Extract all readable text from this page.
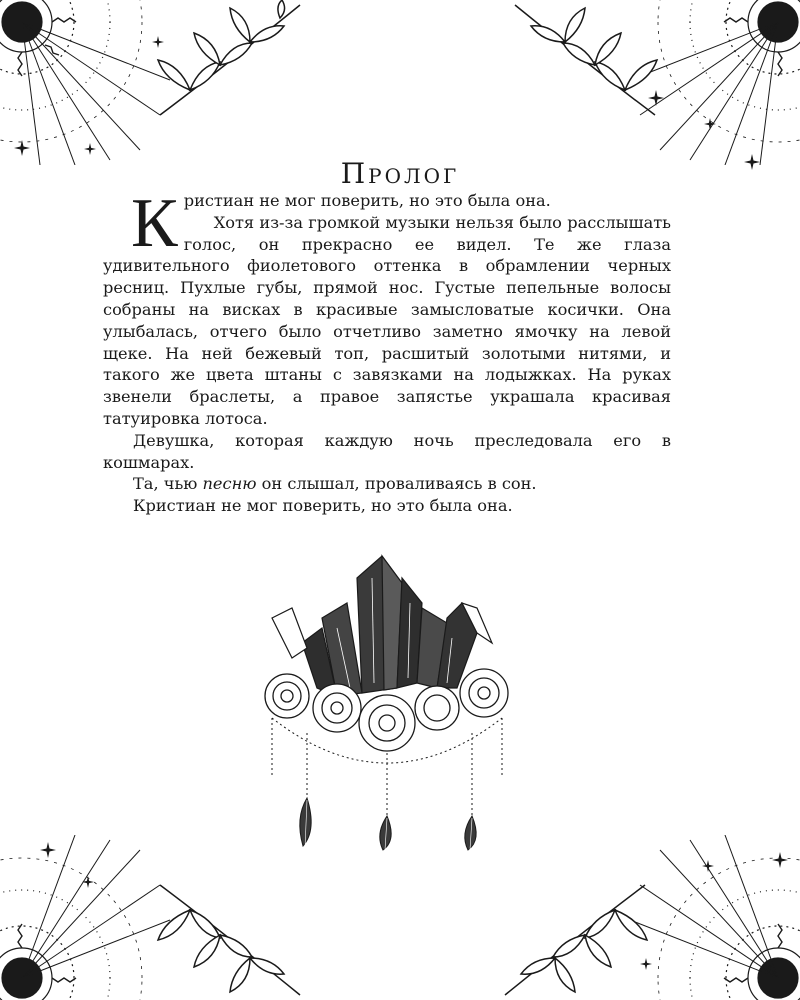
Пролог

Кристиан не мог поверить, но это была она.

Хотя из-за громкой музыки нельзя было расслышать голос, он прекрасно ее видел. Те же глаза удивительного фиолетового оттенка в обрамлении черных ресниц. Пухлые губы, прямой нос. Густые пепельные волосы собраны на висках в красивые замысловатые косички. Она улыбалась, отчего было отчетливо заметно ямочку на левой щеке. На ней бежевый топ, расшитый золотыми нитями, и такого же цвета штаны с завязками на лодыжках. На руках звенели браслеты, а правое запястье украшала красивая татуировка лотоса.

Девушка, которая каждую ночь преследовала его в кошмарах.

Та, чью песню он слышал, проваливаясь в сон.

Кристиан не мог поверить, но это была она.
